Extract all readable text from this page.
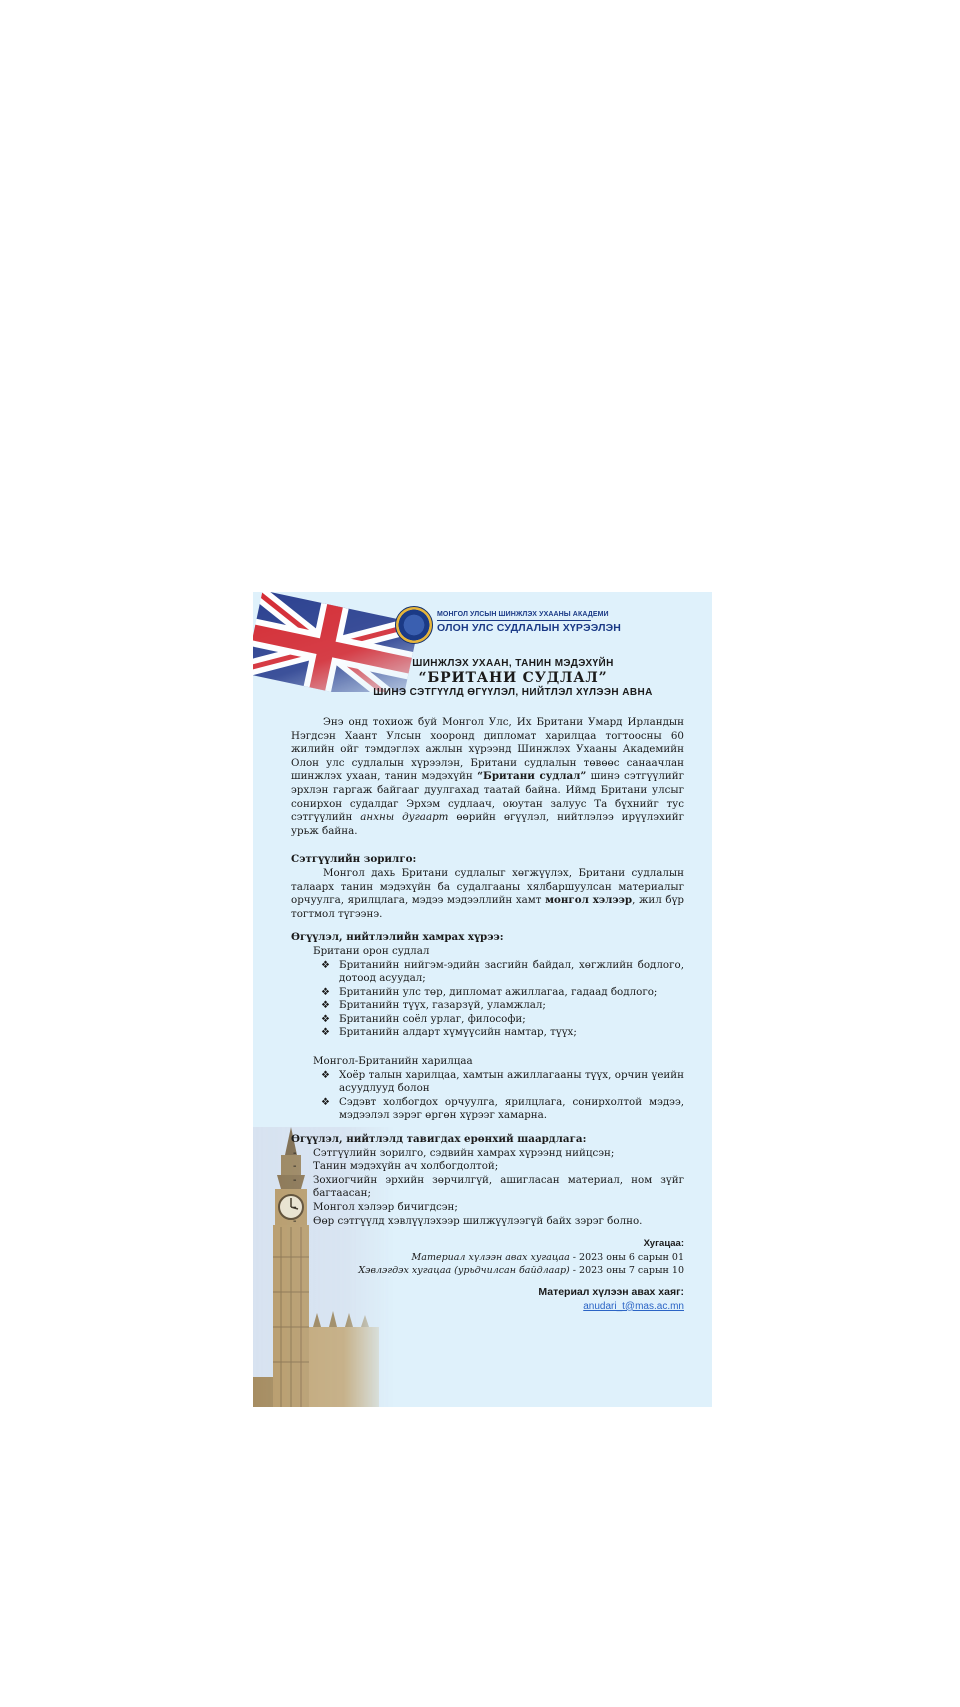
МОНГОЛ УЛСЫН ШИНЖЛЭХ УХААНЫ АКАДЕМИ
ОЛОН УЛС СУДЛАЛЫН ХҮРЭЭЛЭН
ШИНЖЛЭХ УХААН, ТАНИН МЭДЭХҮЙН
“БРИТАНИ СУДЛАЛ”
ШИНЭ СЭТГҮҮЛД ӨГҮҮЛЭЛ, НИЙТЛЭЛ ХҮЛЭЭН АВНА

Энэ онд тохиож буй Монгол Улс, Их Британи Умард Ирландын Нэгдсэн Хаант Улсын хооронд дипломат харилцаа тогтоосны 60 жилийн ойг тэмдэглэх ажлын хүрээнд Шинжлэх Ухааны Академийн Олон улс судлалын хүрээлэн, Британи судлалын төвөөс санаачлан шинжлэх ухаан, танин мэдэхүйн “Британи судлал” шинэ сэтгүүлийг эрхлэн гаргаж байгааг дуулгахад таатай байна. Иймд Британи улсыг сонирхон судалдаг Эрхэм судлаач, оюутан залуус Та бүхнийг тус сэтгүүлийн анхны дугаарт өөрийн өгүүлэл, нийтлэлээ ирүүлэхийг урьж байна.

Сэтгүүлийн зорилго:

Монгол дахь Британи судлалыг хөгжүүлэх, Британи судлалын талаарх танин мэдэхүйн ба судалгааны хялбаршуулсан материалыг орчуулга, ярилцлага, мэдээ мэдээллийн хамт монгол хэлээр, жил бүр тогтмол түгээнэ.

Өгүүлэл, нийтлэлийн хамрах хүрээ:

Британи орон судлал
❖ Британийн нийгэм-эдийн засгийн байдал, хөгжлийн бодлого, дотоод асуудал;
❖ Британийн улс төр, дипломат ажиллагаа, гадаад бодлого;
❖ Британийн түүх, газарзүй, уламжлал;
❖ Британийн соёл урлаг, философи;
❖ Британийн алдарт хүмүүсийн намтар, түүх;
Монгол-Британийн харилцаа
❖ Хоёр талын харилцаа, хамтын ажиллагааны түүх, орчин үеийн асуудлууд болон
❖ Сэдэвт холбогдох орчуулга, ярилцлага, сонирхолтой мэдээ, мэдээлэл зэрэг өргөн хүрээг хамарна.

Өгүүлэл, нийтлэлд тавигдах ерөнхий шаардлага:

- Сэтгүүлийн зорилго, сэдвийн хамрах хүрээнд нийцсэн;
- Танин мэдэхүйн ач холбогдолтой;
- Зохиогчийн эрхийн зөрчилгүй, ашигласан материал, ном зүйг багтаасан;
- Монгол хэлээр бичигдсэн;
- Өөр сэтгүүлд хэвлүүлэхээр шилжүүлээгүй байх зэрэг болно.
Хугацаа:
Материал хүлээн авах хугацаа - 2023 оны 6 сарын 01
Хэвлэгдэх хугацаа (урьдчилсан байдлаар) - 2023 оны 7 сарын 10
Материал хүлээн авах хаяг:
anudari_t@mas.ac.mn
